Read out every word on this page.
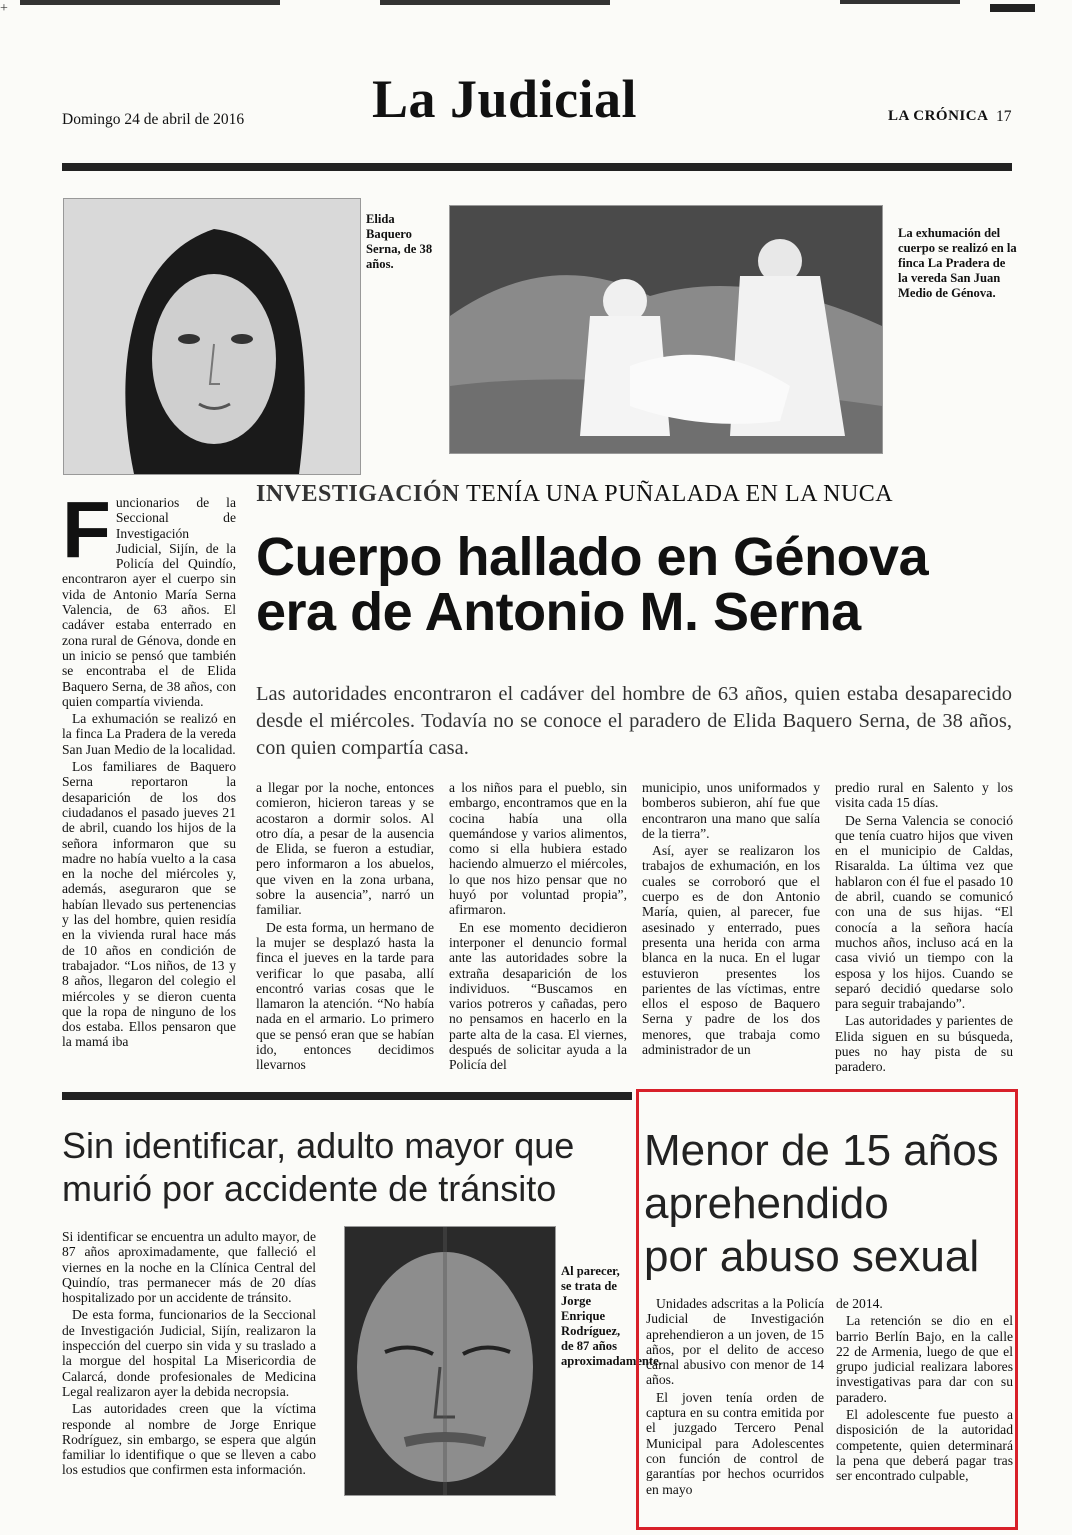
+
Domingo 24 de abril de 2016 La Judicial	LA CRÓNICA 17
Elida Baquero Serna, de 38 años.
La exhumación del cuerpo se realizó en la finca La Pradera de la vereda San Juan Medio de Génova.
INVESTIGACIÓN TENÍA UNA PUÑALADA EN LA NUCA
Cuerpo hallado en Génova
era de Antonio M. Serna
Las autoridades encontraron el cadáver del hombre de 63 años, quien estaba desaparecido desde el miércoles. Todavía no se conoce el paradero de Elida Baquero Serna, de 38 años, con quien compartía casa.

Funcionarios de la Seccional de Investigación Judicial, Sijín, de la Policía del Quindío, encontraron ayer el cuerpo sin vida de Antonio María Serna Valencia, de 63 años. El cadáver estaba enterrado en zona rural de Génova, donde en un inicio se pensó que también se encontraba el de Elida Baquero Serna, de 38 años, con quien compartía vivienda.

La exhumación se realizó en la finca La Pradera de la vereda San Juan Medio de la localidad.

Los familiares de Baquero Serna reportaron la desaparición de los dos ciudadanos el pasado jueves 21 de abril, cuando los hijos de la señora informaron que su madre no había vuelto a la casa en la noche del miércoles y, además, aseguraron que se habían llevado sus pertenencias y las del hombre, quien residía en la vivienda rural hace más de 10 años en condición de trabajador. “Los niños, de 13 y 8 años, llegaron del colegio el miércoles y se dieron cuenta que la ropa de ninguno de los dos estaba. Ellos pensaron que la mamá iba

a llegar por la noche, entonces comieron, hicieron tareas y se acostaron a dormir solos. Al otro día, a pesar de la ausencia de Elida, se fueron a estudiar, pero informaron a los abuelos, que viven en la zona urbana, sobre la ausencia”, narró un familiar.

De esta forma, un hermano de la mujer se desplazó hasta la finca el jueves en la tarde para verificar lo que pasaba, allí encontró varias cosas que le llamaron la atención. “No había nada en el armario. Lo primero que se pensó eran que se habían ido, entonces decidimos llevarnos

a los niños para el pueblo, sin embargo, encontramos que en la cocina había una olla quemándose y varios alimentos, como si ella hubiera estado haciendo almuerzo el miércoles, lo que nos hizo pensar que no huyó por voluntad propia”, afirmaron.

En ese momento decidieron interponer el denuncio formal ante las autoridades sobre la extraña desaparición de los individuos. “Buscamos en varios potreros y cañadas, pero no pensamos en hacerlo en la parte alta de la casa. El viernes, después de solicitar ayuda a la Policía del

municipio, unos uniformados y bomberos subieron, ahí fue que encontraron una mano que salía de la tierra”.

Así, ayer se realizaron los trabajos de exhumación, en los cuales se corroboró que el cuerpo es de don Antonio María, quien, al parecer, fue asesinado y enterrado, pues presenta una herida con arma blanca en la nuca. En el lugar estuvieron presentes los parientes de las víctimas, entre ellos el esposo de Baquero Serna y padre de los dos menores, que trabaja como administrador de un

predio rural en Salento y los visita cada 15 días.

De Serna Valencia se conoció que tenía cuatro hijos que viven en el municipio de Caldas, Risaralda. La última vez que hablaron con él fue el pasado 10 de abril, cuando se comunicó con una de sus hijas. “El conocía a la señora hacía muchos años, incluso acá en la casa vivió un tiempo con la esposa y los hijos. Cuando se separó decidió quedarse solo para seguir trabajando”.

Las autoridades y parientes de Elida siguen en su búsqueda, pues no hay pista de su paradero.

Sin identificar, adulto mayor que
murió por accidente de tránsito

Si identificar se encuentra un adulto mayor, de 87 años aproximadamente, que falleció el viernes en la noche en la Clínica Central del Quindío, tras permanecer más de 20 días hospitalizado por un accidente de tránsito.

De esta forma, funcionarios de la Seccional de Investigación Judicial, Sijín, realizaron la inspección del cuerpo sin vida y su traslado a la morgue del hospital La Misericordia de Calarcá, donde profesionales de Medicina Legal realizaron ayer la debida necropsia.

Las autoridades creen que la víctima responde al nombre de Jorge Enrique Rodríguez, sin embargo, se espera que algún familiar lo identifique o que se lleven a cabo los estudios que confirmen esta información.

Al parecer, se trata de Jorge Enrique Rodríguez, de 87 años aproximadamente.
Menor de 15 años
aprehendido
por abuso sexual

Unidades adscritas a la Policía Judicial de Investigación aprehendieron a un joven, de 15 años, por el delito de acceso carnal abusivo con menor de 14 años.

El joven tenía orden de captura en su contra emitida por el juzgado Tercero Penal Municipal para Adolescentes con función de control de garantías por hechos ocurridos en mayo

de 2014.

La retención se dio en el barrio Berlín Bajo, en la calle 22 de Armenia, luego de que el grupo judicial realizara labores investigativas para dar con su paradero.

El adolescente fue puesto a disposición de la autoridad competente, quien determinará la pena que deberá pagar tras ser encontrado culpable,
